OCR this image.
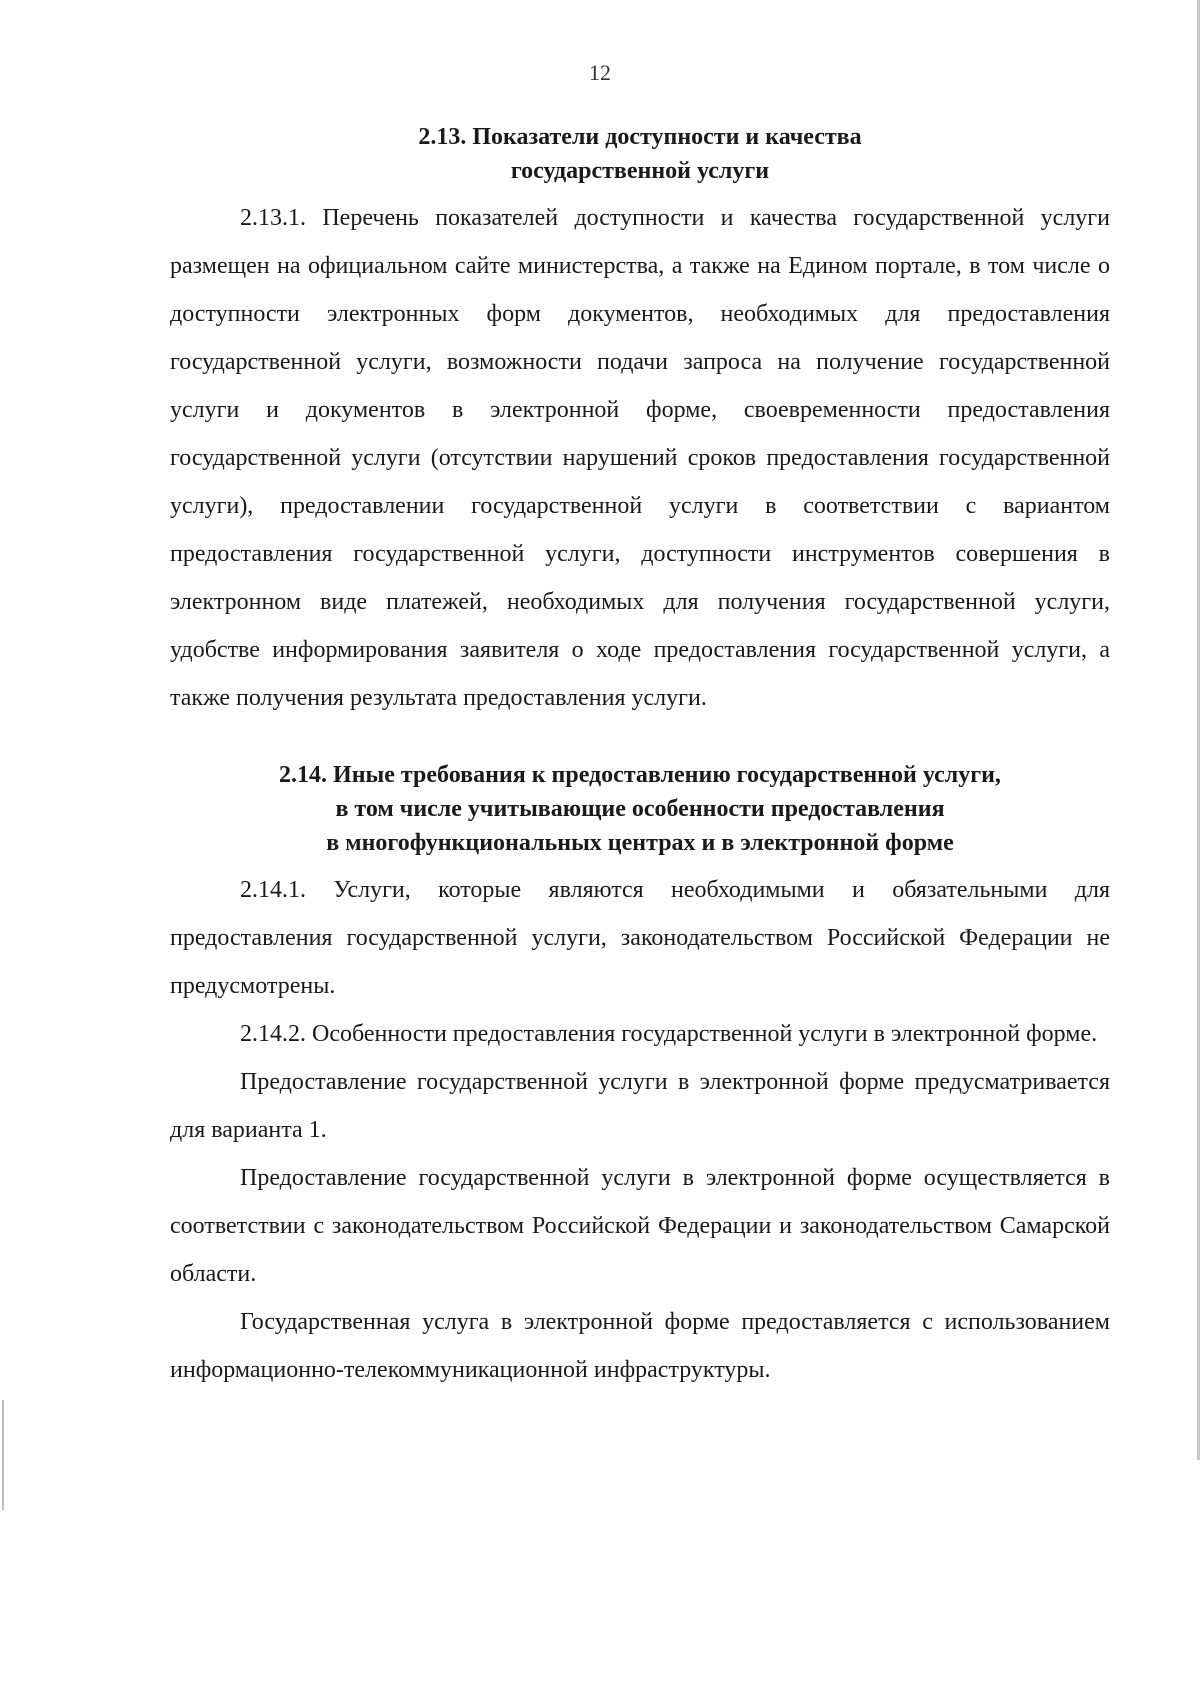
12
2.13. Показатели доступности и качества
государственной услуги

2.13.1. Перечень показателей доступности и качества государственной услуги размещен на официальном сайте министерства, а также на Едином портале, в том числе о доступности электронных форм документов, необходимых для предоставления государственной услуги, возможности подачи запроса на получение государственной услуги и документов в электронной форме, своевременности предоставления государственной услуги (отсутствии нарушений сроков предоставления государственной услуги), предоставлении государственной услуги в соответствии с вариантом предоставления государственной услуги, доступности инструментов совершения в электронном виде платежей, необходимых для получения государственной услуги, удобстве информирования заявителя о ходе предоставления государственной услуги, а также получения результата предоставления услуги.

2.14. Иные требования к предоставлению государственной услуги,
в том числе учитывающие особенности предоставления
в многофункциональных центрах и в электронной форме

2.14.1. Услуги, которые являются необходимыми и обязательными для предоставления государственной услуги, законодательством Российской Федерации не предусмотрены.

2.14.2. Особенности предоставления государственной услуги в электронной форме.

Предоставление государственной услуги в электронной форме предусматривается для варианта 1.

Предоставление государственной услуги в электронной форме осуществляется в соответствии с законодательством Российской Федерации и законодательством Самарской области.

Государственная услуга в электронной форме предоставляется с использованием информационно-телекоммуникационной инфраструктуры.
